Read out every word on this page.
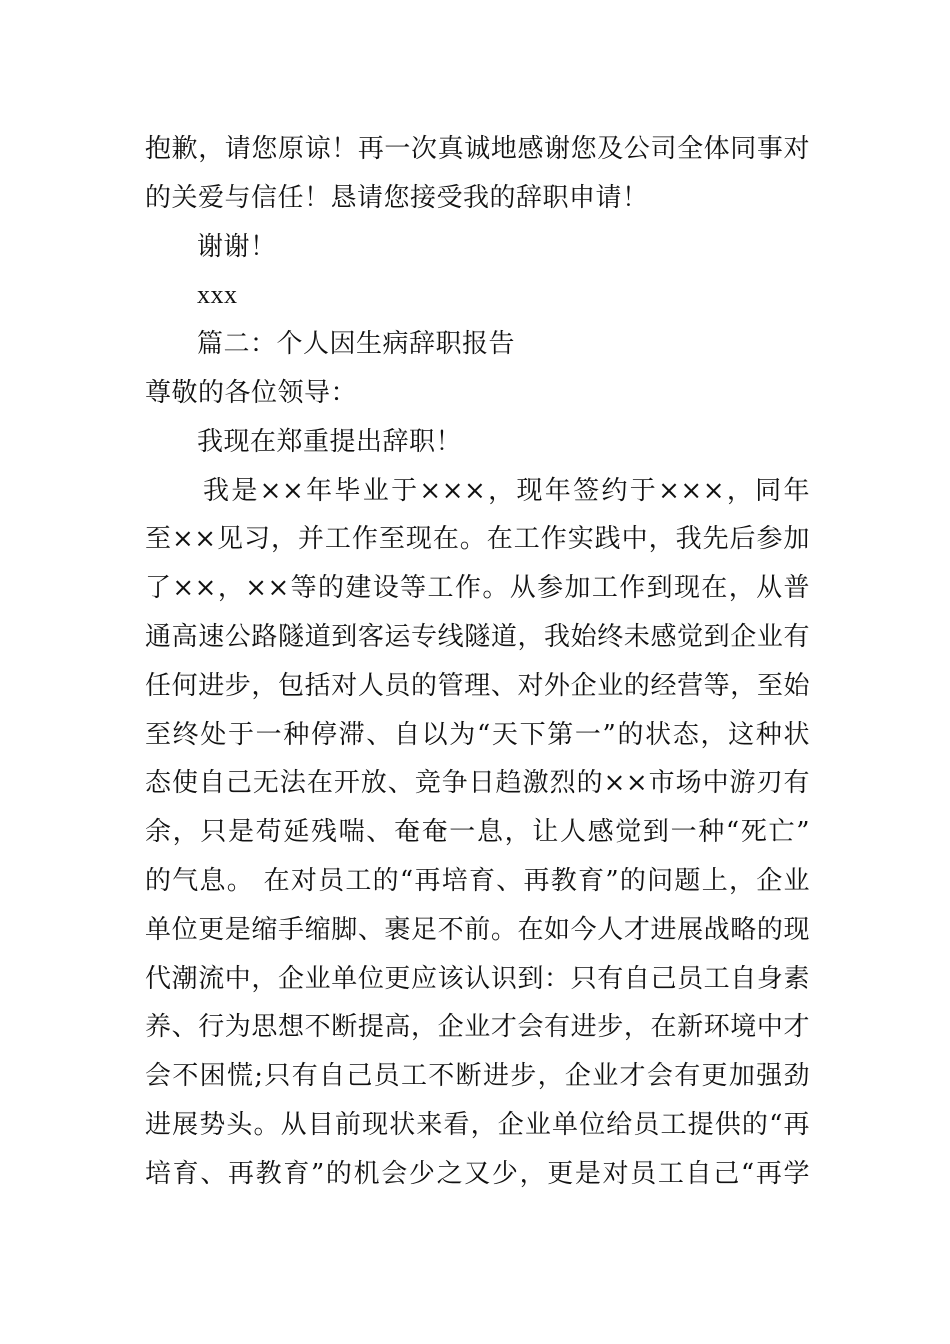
抱歉，请您原谅！再一次真诚地感谢您及公司全体同事对
的关爱与信任！恳请您接受我的辞职申请！
谢谢！
xxx
篇二：个人因生病辞职报告
尊敬的各位领导：
我现在郑重提出辞职！
我是××年毕业于×××，现年签约于×××，同年
至××见习，并工作至现在。在工作实践中，我先后参加
了××，××等的建设等工作。从参加工作到现在，从普
通高速公路隧道到客运专线隧道，我始终未感觉到企业有
任何进步，包括对人员的管理、对外企业的经营等，至始
至终处于一种停滞、自以为“天下第一”的状态，这种状
态使自己无法在开放、竞争日趋激烈的××市场中游刃有
余，只是苟延残喘、奄奄一息，让人感觉到一种“死亡”
的气息。 在对员工的“再培育、再教育”的问题上，企业
单位更是缩手缩脚、裹足不前。在如今人才进展战略的现
代潮流中，企业单位更应该认识到：只有自己员工自身素
养、行为思想不断提高，企业才会有进步，在新环境中才
会不困慌;只有自己员工不断进步，企业才会有更加强劲
进展势头。从目前现状来看，企业单位给员工提供的“再
培育、再教育”的机会少之又少，更是对员工自己“再学
